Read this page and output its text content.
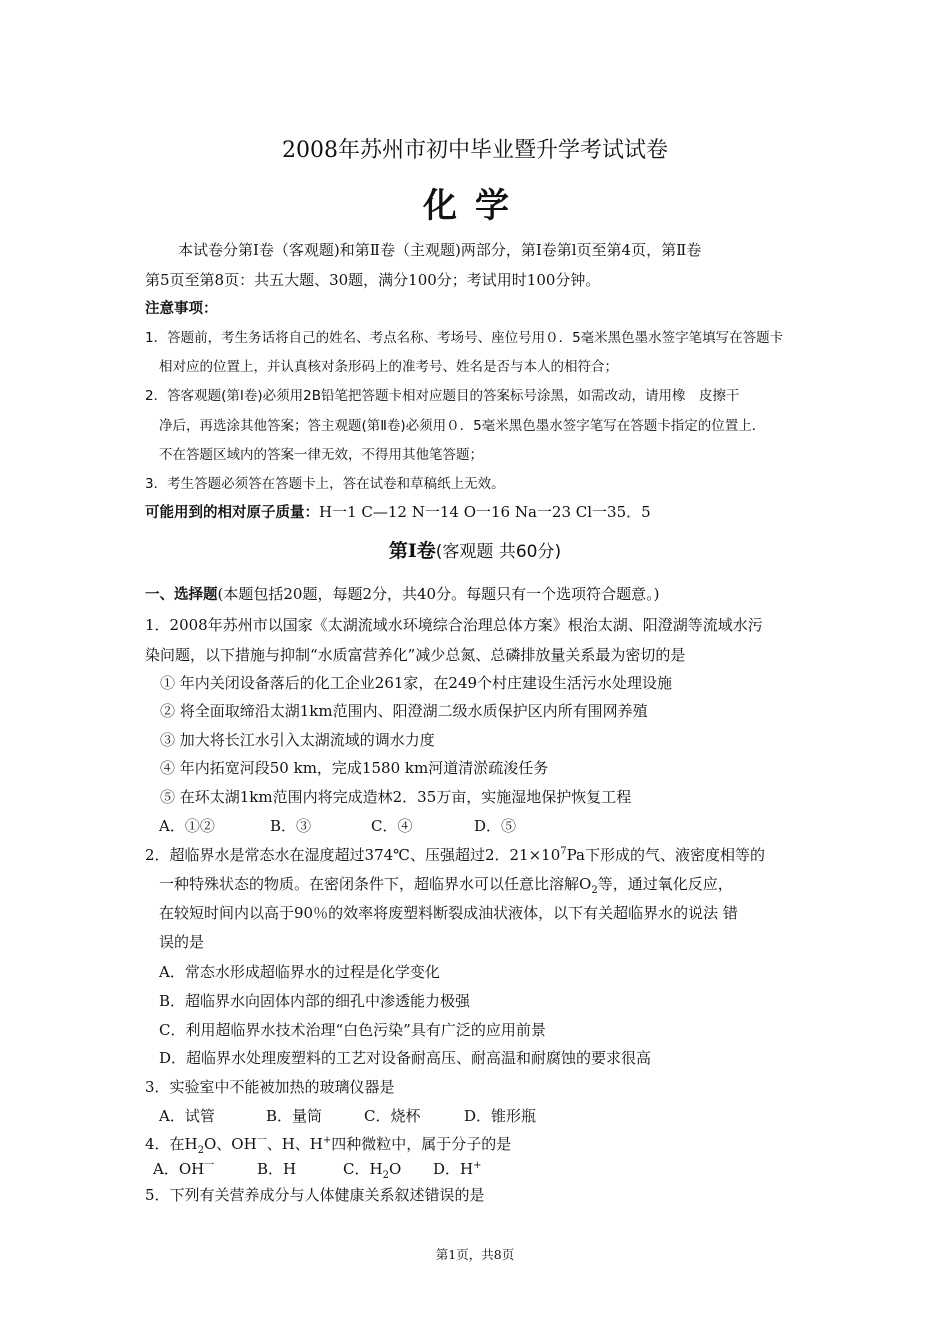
2008年苏州市初中毕业暨升学考试试卷
化学
本试卷分第Ⅰ卷（客观题)和第Ⅱ卷（主观题)两部分，第Ⅰ卷第l页至第4页，第Ⅱ卷
第5页至第8页：共五大题、30题，满分100分；考试用时100分钟。
注意事项：
1．答题前，考生务话将自己的姓名、考点名称、考场号、座位号用０．5毫米黑色墨水签字笔填写在答题卡
相对应的位置上，并认真核对条形码上的准考号、姓名是否与本人的相符合；
2．答客观题(第Ⅰ卷)必须用2B铅笔把答题卡相对应题目的答案标号涂黑，如需改动，请用橡　皮擦干
净后，再选涂其他答案；答主观题(第Ⅱ卷)必须用０．5毫米黑色墨水签字笔写在答题卡指定的位置上．
不在答题区域内的答案一律无效，不得用其他笔答题；
3．考生答题必须答在答题卡上，答在试卷和草稿纸上无效。
可能用到的相对原子质量：H一1 C—12 N一14 O一16 Na一23 Cl一35．5
第Ⅰ卷(客观题 共60分)
一、选择题(本题包括20题，每题2分，共40分。每题只有一个选项符合题意。)
1．2008年苏州市以国家《太湖流域水环境综合治理总体方案》根治太湖、阳澄湖等流域水污
染问题，以下措施与抑制“水质富营养化”减少总氮、总磷排放量关系最为密切的是
① 年内关闭设备落后的化工企业261家，在249个村庄建设生活污水处理设施
② 将全面取缔沿太湖1km范围内、阳澄湖二级水质保护区内所有围网养殖
③ 加大将长江水引入太湖流域的调水力度
④ 年内拓宽河段50 km，完成1580 km河道清淤疏浚任务
⑤ 在环太湖1km范围内将完成造林2．35万亩，实施湿地保护恢复工程
A．①②	B．③	C．④	D．⑤
2．超临界水是常态水在湿度超过374℃、压强超过2．$21\times 10^7Pa$下形成的气、液密度相等的
一种特殊状态的物质。在密闭条件下，超临界水可以任意比溶解$O_2$等，通过氧化反应，
在较短时间内以高于90％的效率将废塑料断裂成油状液体，以下有关超临界水的说法 错
误的是
A．常态水形成超临界水的过程是化学变化
B．超临界水向固体内部的细孔中渗透能力极强
C．利用超临界水技术治理“白色污染”具有广泛的应用前景
D．超临界水处理废塑料的工艺对设备耐高压、耐高温和耐腐蚀的要求很高
3．实验室中不能被加热的玻璃仪器是
A．试管	B．量筒	C．烧杯	D．锥形瓶
4．在$H_2O$、$OH^一$、H、H+四种微粒中，属于分子的是
A．$OH^一$	B．H	C．$H_2O$ D．H+
5．下列有关营养成分与人体健康关系叙述错误的是
第1页，共8页
